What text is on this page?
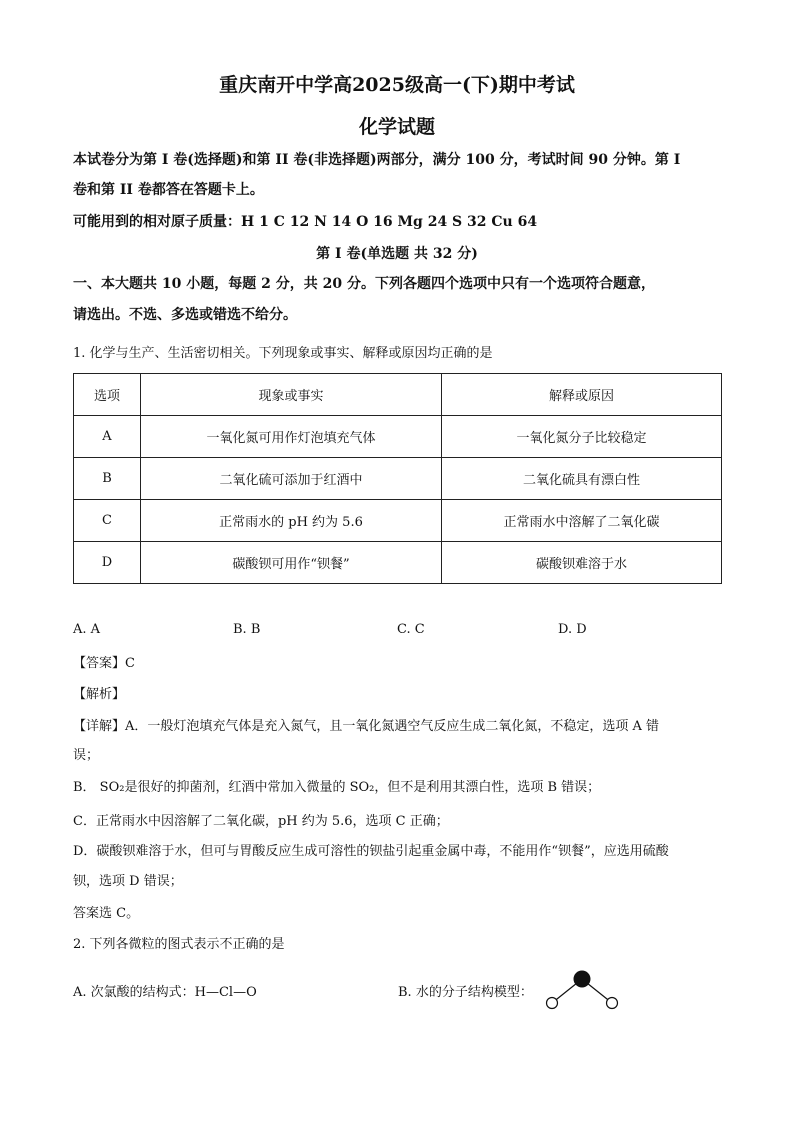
重庆南开中学高2025级高一(下)期中考试
化学试题
本试卷分为第 I 卷(选择题)和第 II 卷(非选择题)两部分，满分 100 分，考试时间 90 分钟。第 I
卷和第 II 卷都答在答题卡上。
可能用到的相对原子质量：H 1 C 12 N 14 O 16 Mg 24 S 32 Cu 64
第 I 卷(单选题 共 32 分)
一、本大题共 10 小题，每题 2 分，共 20 分。下列各题四个选项中只有一个选项符合题意，
请选出。不选、多选或错选不给分。
1. 化学与生产、生活密切相关。下列现象或事实、解释或原因均正确的是
选项	现象或事实	解释或原因
A	一氧化氮可用作灯泡填充气体	一氧化氮分子比较稳定
B	二氧化硫可添加于红酒中	二氧化硫具有漂白性
C	正常雨水的 pH 约为 5.6	正常雨水中溶解了二氧化碳
D	碳酸钡可用作“钡餐”	碳酸钡难溶于水
A. A	B. B	C. C	D. D
【答案】C
【解析】
【详解】A．一般灯泡填充气体是充入氮气，且一氧化氮遇空气反应生成二氧化氮，不稳定，选项 A 错
误；
B． SO₂是很好的抑菌剂，红酒中常加入微量的 SO₂，但不是利用其漂白性，选项 B 错误；
C．正常雨水中因溶解了二氧化碳，pH 约为 5.6，选项 C 正确；
D．碳酸钡难溶于水，但可与胃酸反应生成可溶性的钡盐引起重金属中毒，不能用作“钡餐”，应选用硫酸
钡，选项 D 错误；
答案选 C。
2. 下列各微粒的图式表示不正确的是
A. 次氯酸的结构式：H—Cl—O	B. 水的分子结构模型：
